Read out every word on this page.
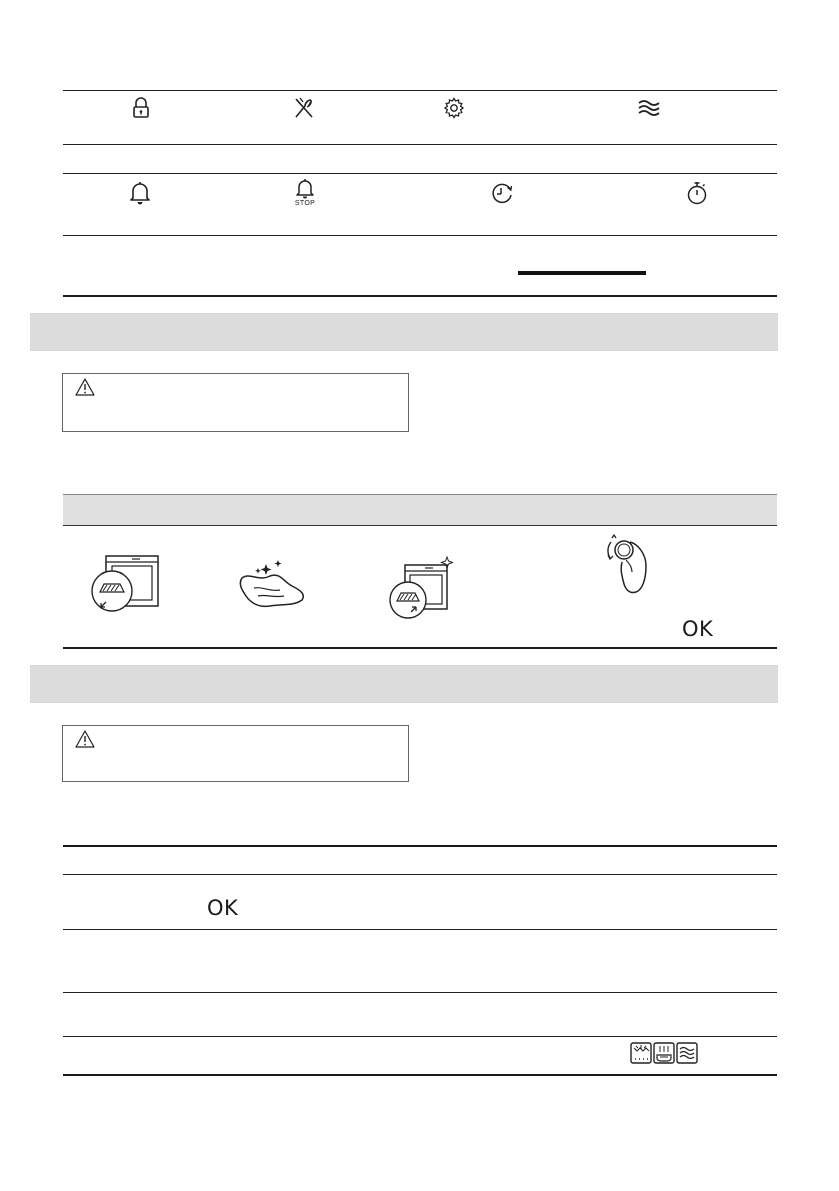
STOP
OK
OK
